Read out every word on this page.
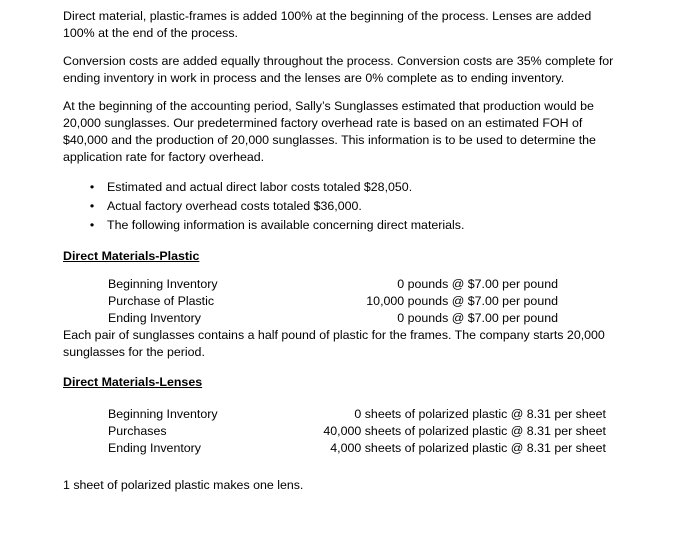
Direct material, plastic-frames is added 100% at the beginning of the process. Lenses are added 100% at the end of the process.

Conversion costs are added equally throughout the process. Conversion costs are 35% complete for ending inventory in work in process and the lenses are 0% complete as to ending inventory.

At the beginning of the accounting period, Sally’s Sunglasses estimated that production would be 20,000 sunglasses. Our predetermined factory overhead rate is based on an estimated FOH of $40,000 and the production of 20,000 sunglasses. This information is to be used to determine the application rate for factory overhead.

• Estimated and actual direct labor costs totaled $28,050.
• Actual factory overhead costs totaled $36,000.
• The following information is available concerning direct materials.
Direct Materials-Plastic
Beginning Inventory	0 pounds @ $7.00 per pound
Purchase of Plastic	10,000 pounds @ $7.00 per pound
Ending Inventory	0 pounds @ $7.00 per pound

Each pair of sunglasses contains a half pound of plastic for the frames. The company starts 20,000 sunglasses for the period.

Direct Materials-Lenses
Beginning Inventory	0 sheets of polarized plastic @ 8.31 per sheet
Purchases	40,000 sheets of polarized plastic @ 8.31 per sheet
Ending Inventory	4,000 sheets of polarized plastic @ 8.31 per sheet

1 sheet of polarized plastic makes one lens.
